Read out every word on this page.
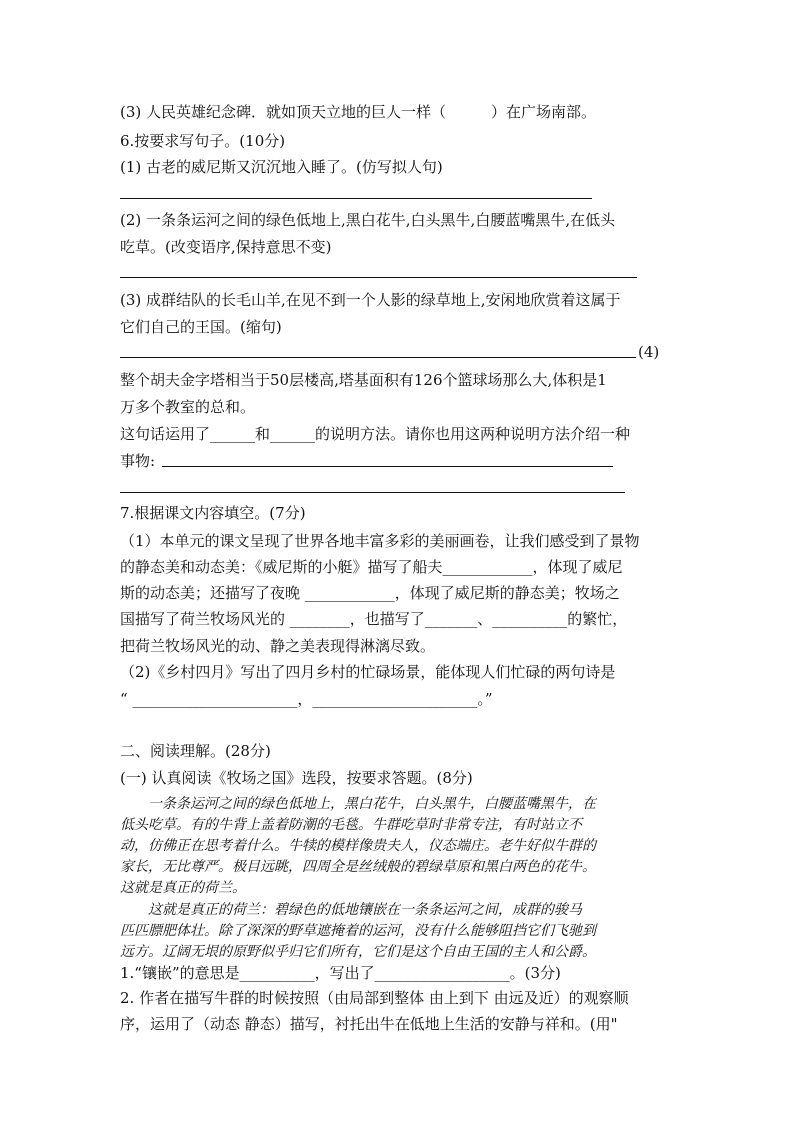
(3) 人民英雄纪念碑．就如顶天立地的巨人一样（　　　）在广场南部。
6.按要求写句子。(10分)
(1) 古老的威尼斯又沉沉地入睡了。(仿写拟人句)
(2) 一条条运河之间的绿色低地上,黑白花牛,白头黑牛,白腰蓝嘴黑牛,在低头
吃草。(改变语序,保持意思不变)
(3) 成群结队的长毛山羊,在见不到一个人影的绿草地上,安闲地欣赏着这属于
它们自己的王国。(缩句)
(4)
整个胡夫金字塔相当于50层楼高,塔基面积有126个篮球场那么大,体积是1
万多个教室的总和。
这句话运用了______和______的说明方法。请你也用这两种说明方法介绍一种
事物:
7.根据课文内容填空。(7分)
（1）本单元的课文呈现了世界各地丰富多彩的美丽画卷，让我们感受到了景物
的静态美和动态美：《威尼斯的小艇》描写了船夫____________，体现了威尼
斯的动态美；还描写了夜晚 ____________，体现了威尼斯的静态美；牧场之
国描写了荷兰牧场风光的 ________，也描写了_______、__________的繁忙，
把荷兰牧场风光的动、静之美表现得淋漓尽致。
（2)《乡村四月》写出了四月乡村的忙碌场景，能体现人们忙碌的两句诗是
“ ______________________，______________________。”
二、阅读理解。(28分)
(一) 认真阅读《牧场之国》选段，按要求答题。(8分)
　　一条条运河之间的绿色低地上，黑白花牛，白头黑牛，白腰蓝嘴黑牛，在
低头吃草。有的牛背上盖着防潮的毛毯。牛群吃草时非常专注，有时站立不
动，仿佛正在思考着什么。牛犊的模样像贵夫人，仪态端庄。老牛好似牛群的
家长，无比尊严。极目远眺，四周全是丝绒般的碧绿草原和黑白两色的花牛。
这就是真正的荷兰。
　　这就是真正的荷兰：碧绿色的低地镶嵌在一条条运河之间，成群的骏马
匹匹膘肥体壮。除了深深的野草遮掩着的运河，没有什么能够阻挡它们飞驰到
远方。辽阔无垠的原野似乎归它们所有，它们是这个自由王国的主人和公爵。
1.“镶嵌”的意思是__________，写出了__________________。(3分)
2. 作者在描写牛群的时候按照（由局部到整体 由上到下 由远及近）的观察顺
序，运用了（动态 静态）描写，衬托出牛在低地上生活的安静与祥和。(用"
